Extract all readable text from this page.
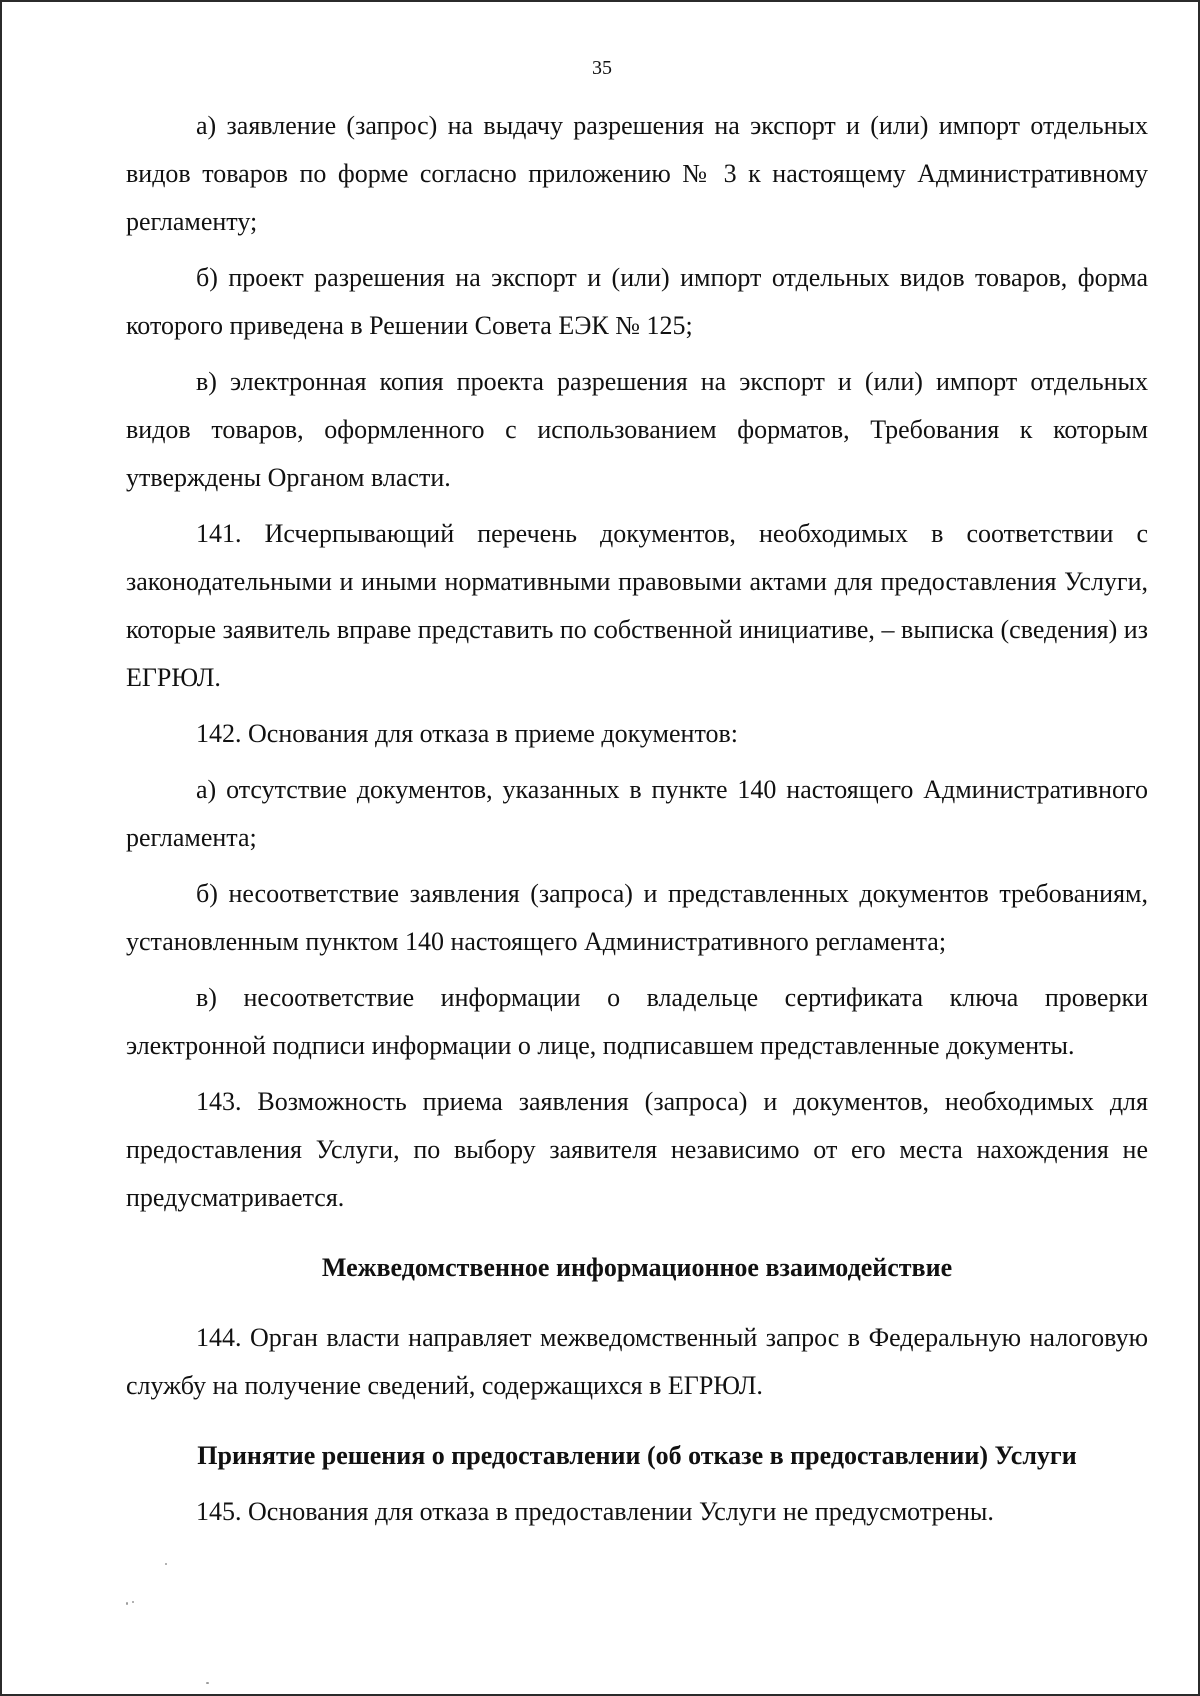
35

а) заявление (запрос) на выдачу разрешения на экспорт и (или) импорт отдельных видов товаров по форме согласно приложению № 3 к настоящему Административному регламенту;

б) проект разрешения на экспорт и (или) импорт отдельных видов товаров, форма которого приведена в Решении Совета ЕЭК № 125;

в) электронная копия проекта разрешения на экспорт и (или) импорт отдельных видов товаров, оформленного с использованием форматов, Требования к которым утверждены Органом власти.

141. Исчерпывающий перечень документов, необходимых в соответствии с законодательными и иными нормативными правовыми актами для предоставления Услуги, которые заявитель вправе представить по собственной инициативе, – выписка (сведения) из ЕГРЮЛ.

142. Основания для отказа в приеме документов:

а) отсутствие документов, указанных в пункте 140 настоящего Административного регламента;

б) несоответствие заявления (запроса) и представленных документов требованиям, установленным пунктом 140 настоящего Административного регламента;

в) несоответствие информации о владельце сертификата ключа проверки электронной подписи информации о лице, подписавшем представленные документы.

143. Возможность приема заявления (запроса) и документов, необходимых для предоставления Услуги, по выбору заявителя независимо от его места нахождения не предусматривается.

Межведомственное информационное взаимодействие

144. Орган власти направляет межведомственный запрос в Федеральную налоговую службу на получение сведений, содержащихся в ЕГРЮЛ.

Принятие решения о предоставлении (об отказе в предоставлении) Услуги

145. Основания для отказа в предоставлении Услуги не предусмотрены.
